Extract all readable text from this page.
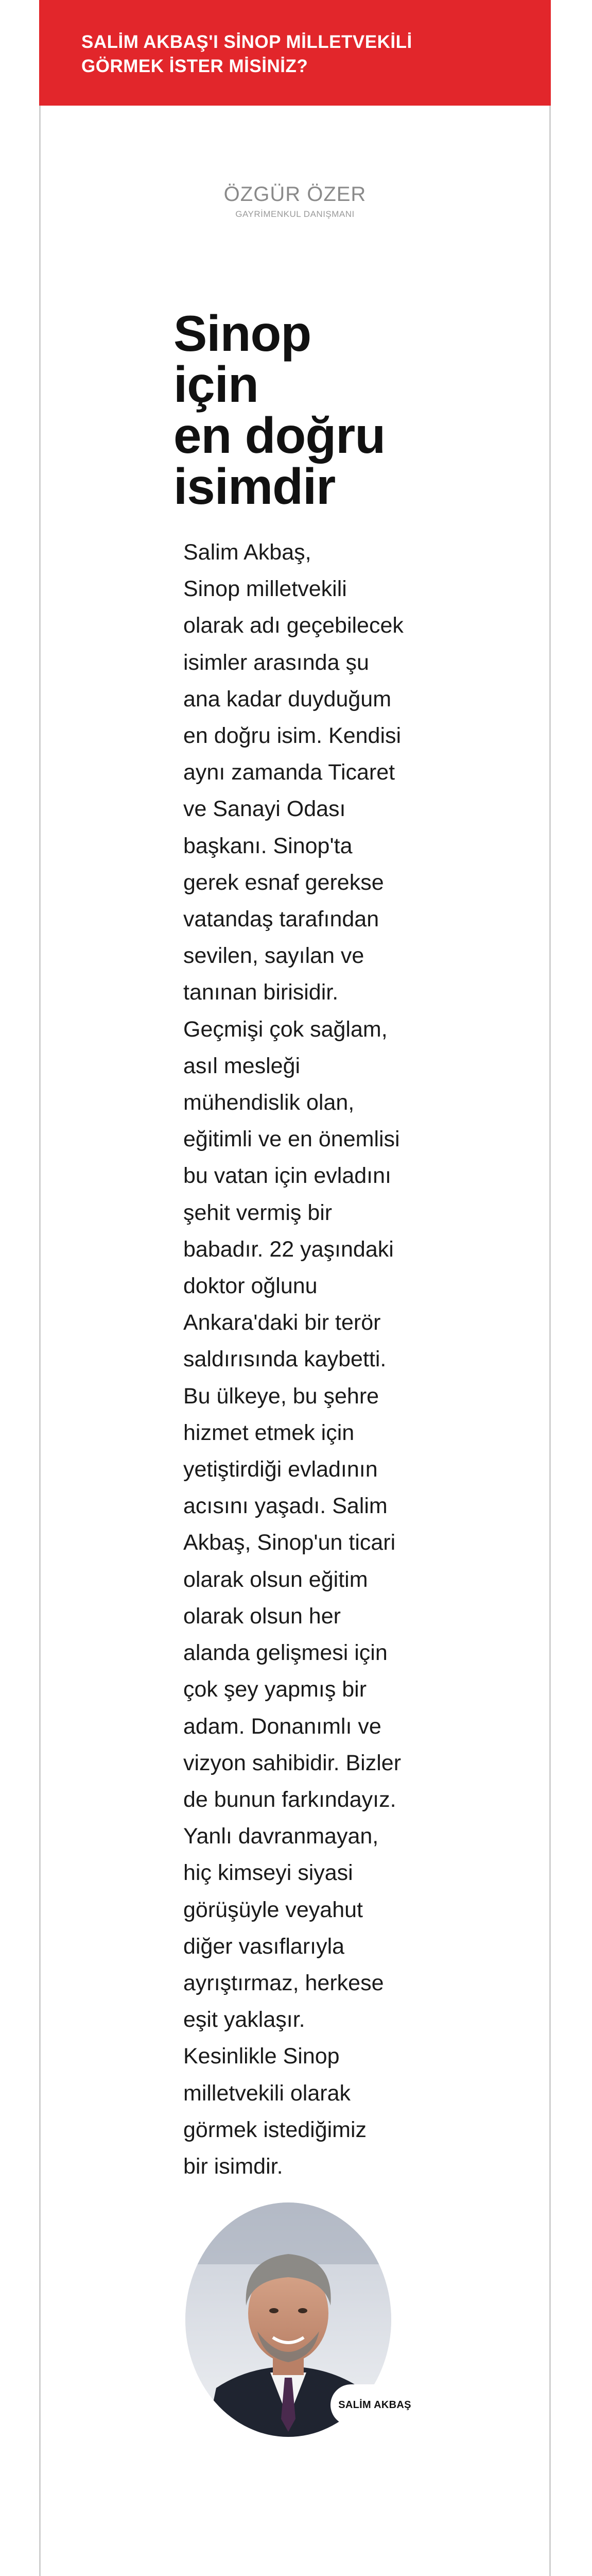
SALİM AKBAŞ'I SİNOP MİLLETVEKİLİ
GÖRMEK İSTER MİSİNİZ?
ÖZGÜR ÖZER
GAYRİMENKUL DANIŞMANI
Sinop
için
en doğru
isimdir
Salim Akbaş,
Sinop milletvekili
olarak adı geçebilecek
isimler arasında şu
ana kadar duyduğum
en doğru isim. Kendisi
aynı zamanda Ticaret
ve Sanayi Odası
başkanı. Sinop'ta
gerek esnaf gerekse
vatandaş tarafından
sevilen, sayılan ve
tanınan birisidir.
Geçmişi çok sağlam,
asıl mesleği
mühendislik olan,
eğitimli ve en önemlisi
bu vatan için evladını
şehit vermiş bir
babadır. 22 yaşındaki
doktor oğlunu
Ankara'daki bir terör
saldırısında kaybetti.
Bu ülkeye, bu şehre
hizmet etmek için
yetiştirdiği evladının
acısını yaşadı. Salim
Akbaş, Sinop'un ticari
olarak olsun eğitim
olarak olsun her
alanda gelişmesi için
çok şey yapmış bir
adam. Donanımlı ve
vizyon sahibidir. Bizler
de bunun farkındayız.
Yanlı davranmayan,
hiç kimseyi siyasi
görüşüyle veyahut
diğer vasıflarıyla
ayrıştırmaz, herkese
eşit yaklaşır.
Kesinlikle Sinop
milletvekili olarak
görmek istediğimiz
bir isimdir.
SALİM AKBAŞ
